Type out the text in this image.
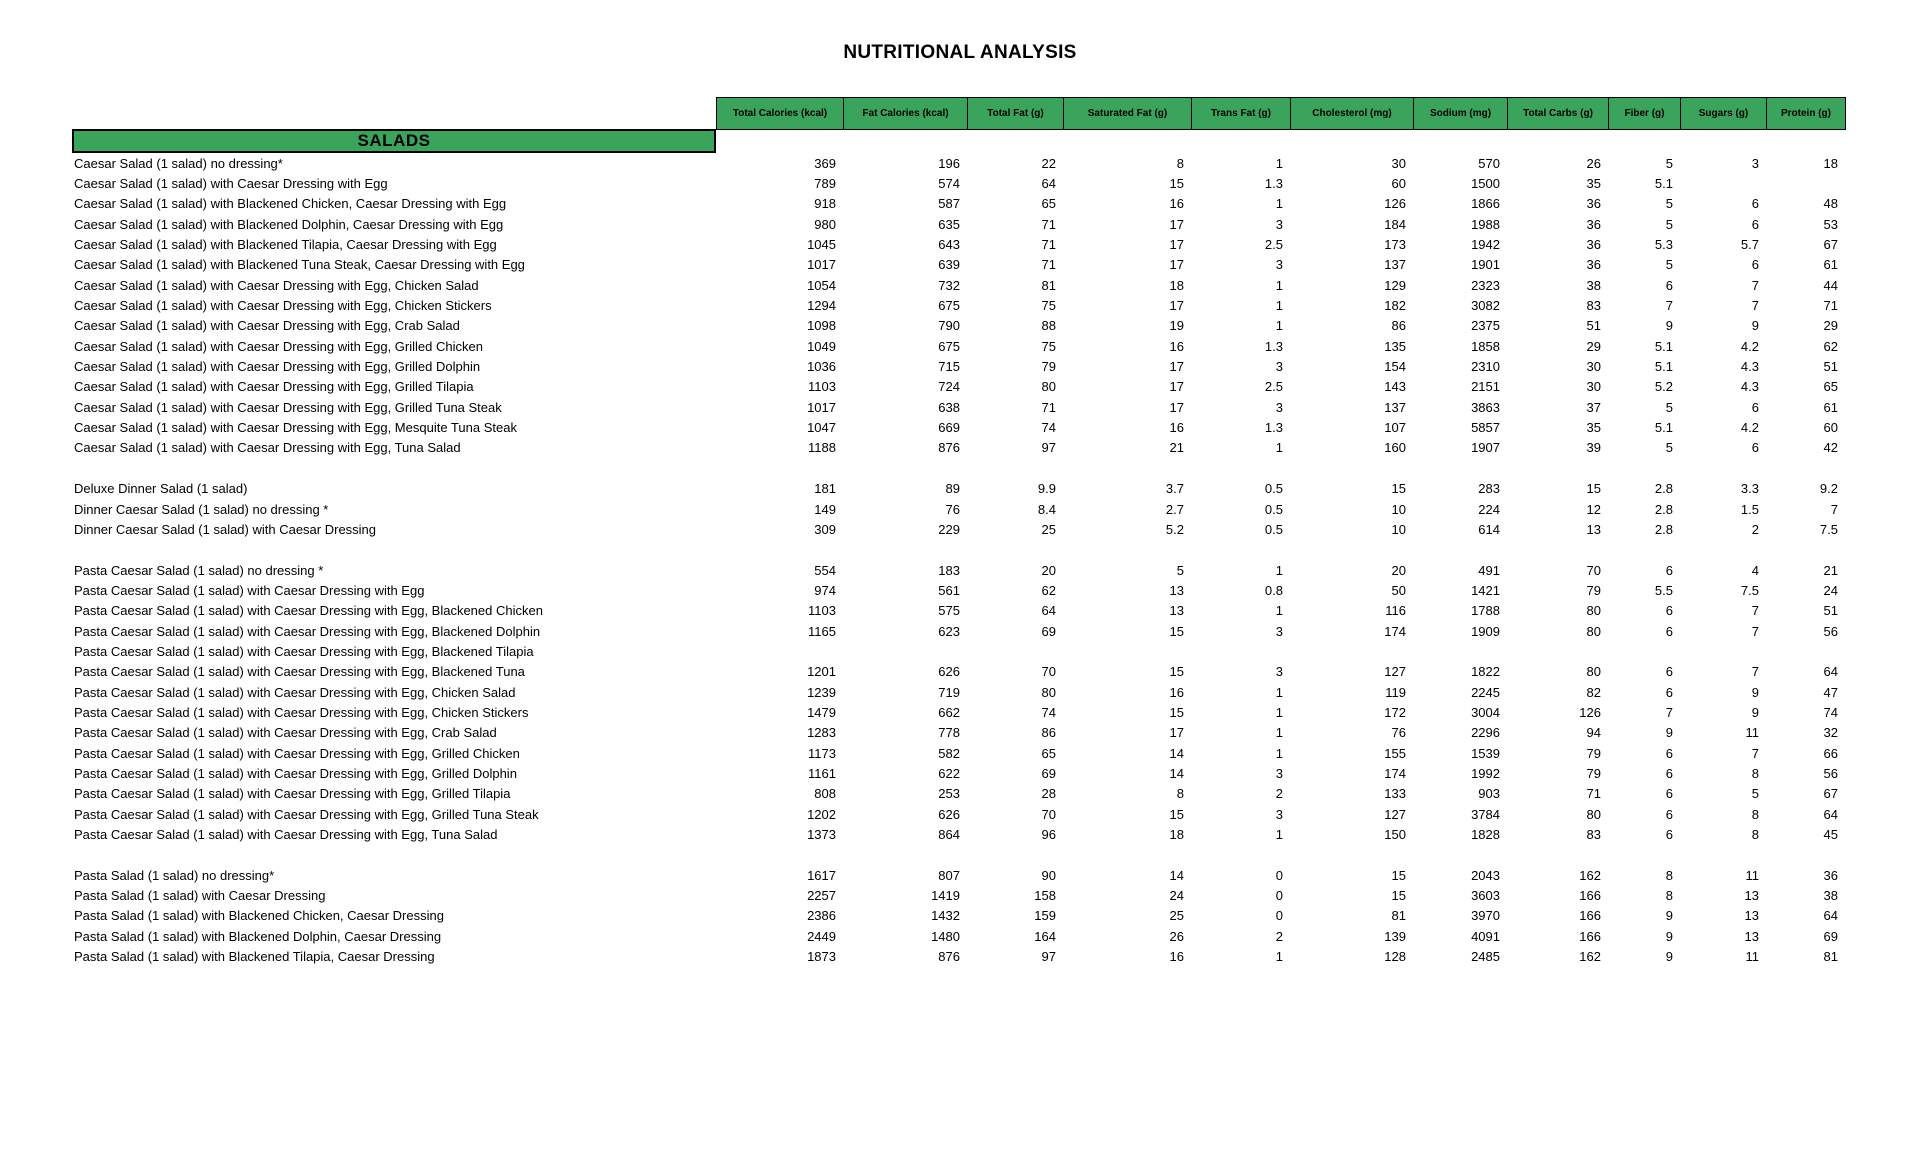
NUTRITIONAL ANALYSIS
Total Calories (kcal)	Fat Calories (kcal)	Total Fat (g)	Saturated Fat (g)	Trans Fat (g)	Cholesterol (mg)	Sodium (mg)	Total Carbs (g)	Fiber (g)	Sugars (g)	Protein (g)
SALADS
Caesar Salad (1 salad) no dressing*	369	196	22	8	1	30	570	26	5	3	18
Caesar Salad (1 salad) with Caesar Dressing with Egg	789	574	64	15	1.3	60	1500	35	5.1
Caesar Salad (1 salad) with Blackened Chicken, Caesar Dressing with Egg	918	587	65	16	1	126	1866	36	5	6	48
Caesar Salad (1 salad) with Blackened Dolphin, Caesar Dressing with Egg	980	635	71	17	3	184	1988	36	5	6	53
Caesar Salad (1 salad) with Blackened Tilapia, Caesar Dressing with Egg	1045	643	71	17	2.5	173	1942	36	5.3	5.7	67
Caesar Salad (1 salad) with Blackened Tuna Steak, Caesar Dressing with Egg	1017	639	71	17	3	137	1901	36	5	6	61
Caesar Salad (1 salad) with Caesar Dressing with Egg, Chicken Salad	1054	732	81	18	1	129	2323	38	6	7	44
Caesar Salad (1 salad) with Caesar Dressing with Egg, Chicken Stickers	1294	675	75	17	1	182	3082	83	7	7	71
Caesar Salad (1 salad) with Caesar Dressing with Egg, Crab Salad	1098	790	88	19	1	86	2375	51	9	9	29
Caesar Salad (1 salad) with Caesar Dressing with Egg, Grilled Chicken	1049	675	75	16	1.3	135	1858	29	5.1	4.2	62
Caesar Salad (1 salad) with Caesar Dressing with Egg, Grilled Dolphin	1036	715	79	17	3	154	2310	30	5.1	4.3	51
Caesar Salad (1 salad) with Caesar Dressing with Egg, Grilled Tilapia	1103	724	80	17	2.5	143	2151	30	5.2	4.3	65
Caesar Salad (1 salad) with Caesar Dressing with Egg, Grilled Tuna Steak	1017	638	71	17	3	137	3863	37	5	6	61
Caesar Salad (1 salad) with Caesar Dressing with Egg, Mesquite Tuna Steak	1047	669	74	16	1.3	107	5857	35	5.1	4.2	60
Caesar Salad (1 salad) with Caesar Dressing with Egg, Tuna Salad	1188	876	97	21	1	160	1907	39	5	6	42
Deluxe Dinner Salad (1 salad)	181	89	9.9	3.7	0.5	15	283	15	2.8	3.3	9.2
Dinner Caesar Salad (1 salad) no dressing *	149	76	8.4	2.7	0.5	10	224	12	2.8	1.5	7
Dinner Caesar Salad (1 salad) with Caesar Dressing	309	229	25	5.2	0.5	10	614	13	2.8	2	7.5
Pasta Caesar Salad (1 salad) no dressing *	554	183	20	5	1	20	491	70	6	4	21
Pasta Caesar Salad (1 salad) with Caesar Dressing with Egg	974	561	62	13	0.8	50	1421	79	5.5	7.5	24
Pasta Caesar Salad (1 salad) with Caesar Dressing with Egg, Blackened Chicken	1103	575	64	13	1	116	1788	80	6	7	51
Pasta Caesar Salad (1 salad) with Caesar Dressing with Egg, Blackened Dolphin	1165	623	69	15	3	174	1909	80	6	7	56
Pasta Caesar Salad (1 salad) with Caesar Dressing with Egg, Blackened Tilapia
Pasta Caesar Salad (1 salad) with Caesar Dressing with Egg, Blackened Tuna	1201	626	70	15	3	127	1822	80	6	7	64
Pasta Caesar Salad (1 salad) with Caesar Dressing with Egg, Chicken Salad	1239	719	80	16	1	119	2245	82	6	9	47
Pasta Caesar Salad (1 salad) with Caesar Dressing with Egg, Chicken Stickers	1479	662	74	15	1	172	3004	126	7	9	74
Pasta Caesar Salad (1 salad) with Caesar Dressing with Egg, Crab Salad	1283	778	86	17	1	76	2296	94	9	11	32
Pasta Caesar Salad (1 salad) with Caesar Dressing with Egg, Grilled Chicken	1173	582	65	14	1	155	1539	79	6	7	66
Pasta Caesar Salad (1 salad) with Caesar Dressing with Egg, Grilled Dolphin	1161	622	69	14	3	174	1992	79	6	8	56
Pasta Caesar Salad (1 salad) with Caesar Dressing with Egg, Grilled Tilapia	808	253	28	8	2	133	903	71	6	5	67
Pasta Caesar Salad (1 salad) with Caesar Dressing with Egg, Grilled Tuna Steak	1202	626	70	15	3	127	3784	80	6	8	64
Pasta Caesar Salad (1 salad) with Caesar Dressing with Egg, Tuna Salad	1373	864	96	18	1	150	1828	83	6	8	45
Pasta Salad (1 salad) no dressing*	1617	807	90	14	0	15	2043	162	8	11	36
Pasta Salad (1 salad) with Caesar Dressing	2257	1419	158	24	0	15	3603	166	8	13	38
Pasta Salad (1 salad) with Blackened Chicken, Caesar Dressing	2386	1432	159	25	0	81	3970	166	9	13	64
Pasta Salad (1 salad) with Blackened Dolphin, Caesar Dressing	2449	1480	164	26	2	139	4091	166	9	13	69
Pasta Salad (1 salad) with Blackened Tilapia, Caesar Dressing	1873	876	97	16	1	128	2485	162	9	11	81
